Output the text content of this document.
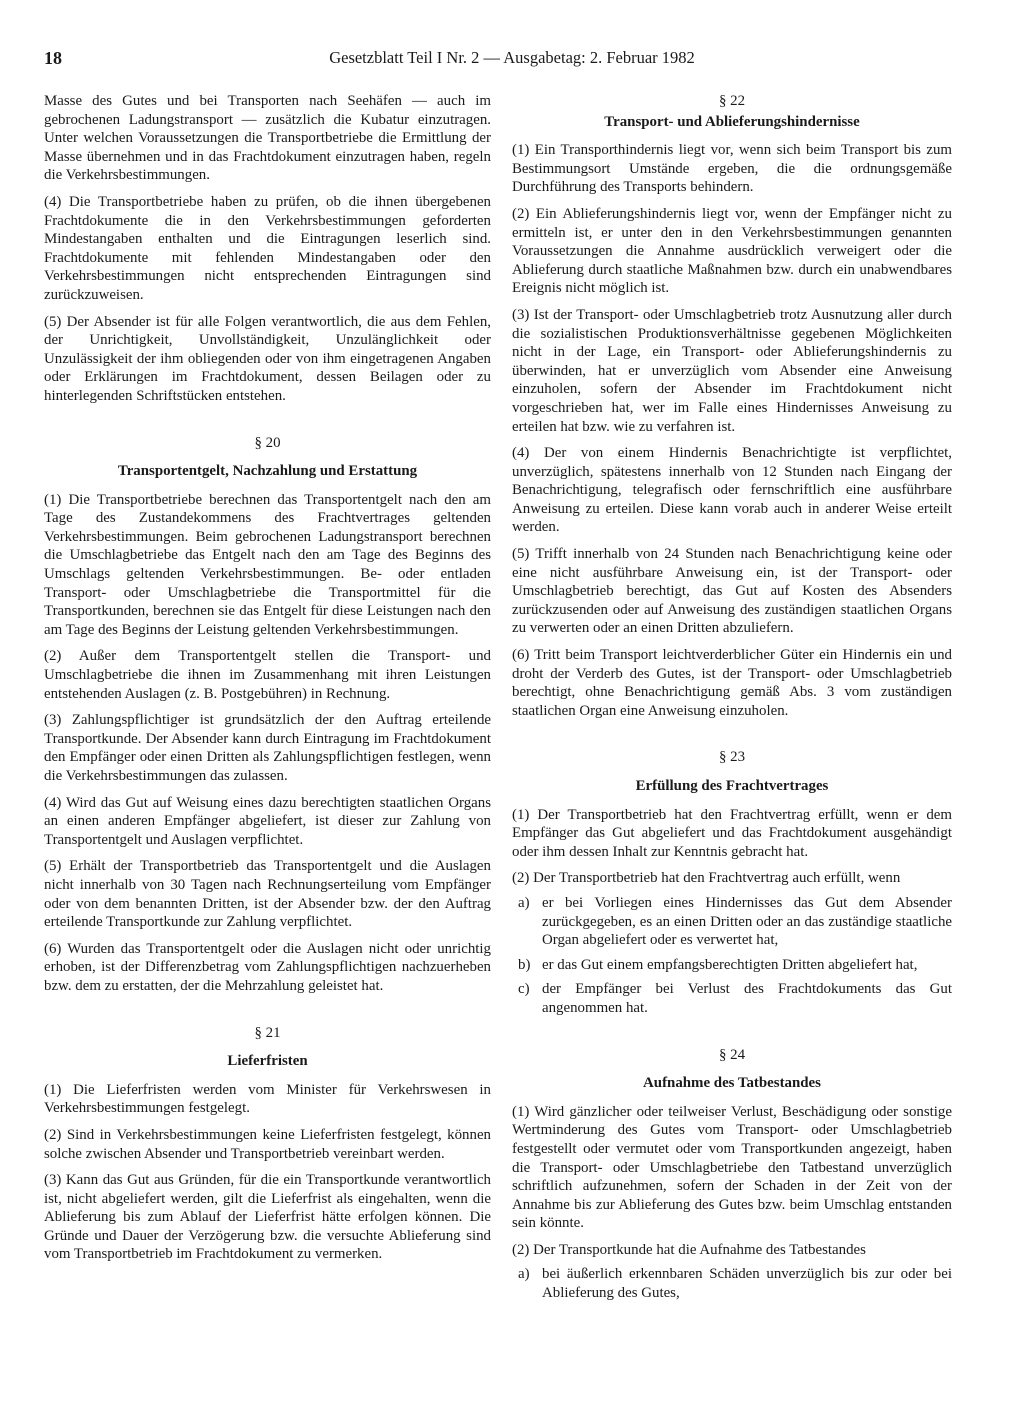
18	Gesetzblatt Teil I Nr. 2 — Ausgabetag: 2. Februar 1982

Masse des Gutes und bei Transporten nach Seehäfen — auch im gebrochenen Ladungstransport — zusätzlich die Kubatur einzutragen. Unter welchen Voraussetzungen die Transportbetriebe die Ermittlung der Masse übernehmen und in das Frachtdokument einzutragen haben, regeln die Verkehrsbestimmungen.

(4) Die Transportbetriebe haben zu prüfen, ob die ihnen übergebenen Frachtdokumente die in den Verkehrsbestimmungen geforderten Mindestangaben enthalten und die Eintragungen leserlich sind. Frachtdokumente mit fehlenden Mindestangaben oder den Verkehrsbestimmungen nicht entsprechenden Eintragungen sind zurückzuweisen.

(5) Der Absender ist für alle Folgen verantwortlich, die aus dem Fehlen, der Unrichtigkeit, Unvollständigkeit, Unzulänglichkeit oder Unzulässigkeit der ihm obliegenden oder von ihm eingetragenen Angaben oder Erklärungen im Frachtdokument, dessen Beilagen oder zu hinterlegenden Schriftstücken entstehen.

§ 20
Transportentgelt, Nachzahlung und Erstattung

(1) Die Transportbetriebe berechnen das Transportentgelt nach den am Tage des Zustandekommens des Frachtvertrages geltenden Verkehrsbestimmungen. Beim gebrochenen Ladungstransport berechnen die Umschlagbetriebe das Entgelt nach den am Tage des Beginns des Umschlags geltenden Verkehrsbestimmungen. Be- oder entladen Transport- oder Umschlagbetriebe die Transportmittel für die Transportkunden, berechnen sie das Entgelt für diese Leistungen nach den am Tage des Beginns der Leistung geltenden Verkehrsbestimmungen.

(2) Außer dem Transportentgelt stellen die Transport- und Umschlagbetriebe die ihnen im Zusammenhang mit ihren Leistungen entstehenden Auslagen (z. B. Postgebühren) in Rechnung.

(3) Zahlungspflichtiger ist grundsätzlich der den Auftrag erteilende Transportkunde. Der Absender kann durch Eintragung im Frachtdokument den Empfänger oder einen Dritten als Zahlungspflichtigen festlegen, wenn die Verkehrsbestimmungen das zulassen.

(4) Wird das Gut auf Weisung eines dazu berechtigten staatlichen Organs an einen anderen Empfänger abgeliefert, ist dieser zur Zahlung von Transportentgelt und Auslagen verpflichtet.

(5) Erhält der Transportbetrieb das Transportentgelt und die Auslagen nicht innerhalb von 30 Tagen nach Rechnungserteilung vom Empfänger oder von dem benannten Dritten, ist der Absender bzw. der den Auftrag erteilende Transportkunde zur Zahlung verpflichtet.

(6) Wurden das Transportentgelt oder die Auslagen nicht oder unrichtig erhoben, ist der Differenzbetrag vom Zahlungspflichtigen nachzuerheben bzw. dem zu erstatten, der die Mehrzahlung geleistet hat.

§ 21
Lieferfristen

(1) Die Lieferfristen werden vom Minister für Verkehrswesen in Verkehrsbestimmungen festgelegt.

(2) Sind in Verkehrsbestimmungen keine Lieferfristen festgelegt, können solche zwischen Absender und Transportbetrieb vereinbart werden.

(3) Kann das Gut aus Gründen, für die ein Transportkunde verantwortlich ist, nicht abgeliefert werden, gilt die Lieferfrist als eingehalten, wenn die Ablieferung bis zum Ablauf der Lieferfrist hätte erfolgen können. Die Gründe und Dauer der Verzögerung bzw. die versuchte Ablieferung sind vom Transportbetrieb im Frachtdokument zu vermerken.

§ 22
Transport- und Ablieferungshindernisse

(1) Ein Transporthindernis liegt vor, wenn sich beim Transport bis zum Bestimmungsort Umstände ergeben, die die ordnungsgemäße Durchführung des Transports behindern.

(2) Ein Ablieferungshindernis liegt vor, wenn der Empfänger nicht zu ermitteln ist, er unter den in den Verkehrsbestimmungen genannten Voraussetzungen die Annahme ausdrücklich verweigert oder die Ablieferung durch staatliche Maßnahmen bzw. durch ein unabwendbares Ereignis nicht möglich ist.

(3) Ist der Transport- oder Umschlagbetrieb trotz Ausnutzung aller durch die sozialistischen Produktionsverhältnisse gegebenen Möglichkeiten nicht in der Lage, ein Transport- oder Ablieferungshindernis zu überwinden, hat er unverzüglich vom Absender eine Anweisung einzuholen, sofern der Absender im Frachtdokument nicht vorgeschrieben hat, wer im Falle eines Hindernisses Anweisung zu erteilen hat bzw. wie zu verfahren ist.

(4) Der von einem Hindernis Benachrichtigte ist verpflichtet, unverzüglich, spätestens innerhalb von 12 Stunden nach Eingang der Benachrichtigung, telegrafisch oder fernschriftlich eine ausführbare Anweisung zu erteilen. Diese kann vorab auch in anderer Weise erteilt werden.

(5) Trifft innerhalb von 24 Stunden nach Benachrichtigung keine oder eine nicht ausführbare Anweisung ein, ist der Transport- oder Umschlagbetrieb berechtigt, das Gut auf Kosten des Absenders zurückzusenden oder auf Anweisung des zuständigen staatlichen Organs zu verwerten oder an einen Dritten abzuliefern.

(6) Tritt beim Transport leichtverderblicher Güter ein Hindernis ein und droht der Verderb des Gutes, ist der Transport- oder Umschlagbetrieb berechtigt, ohne Benachrichtigung gemäß Abs. 3 vom zuständigen staatlichen Organ eine Anweisung einzuholen.

§ 23
Erfüllung des Frachtvertrages

(1) Der Transportbetrieb hat den Frachtvertrag erfüllt, wenn er dem Empfänger das Gut abgeliefert und das Frachtdokument ausgehändigt oder ihm dessen Inhalt zur Kenntnis gebracht hat.

(2) Der Transportbetrieb hat den Frachtvertrag auch erfüllt, wenn

a) er bei Vorliegen eines Hindernisses das Gut dem Absender zurückgegeben, es an einen Dritten oder an das zuständige staatliche Organ abgeliefert oder es verwertet hat,
b) er das Gut einem empfangsberechtigten Dritten abgeliefert hat,
c) der Empfänger bei Verlust des Frachtdokuments das Gut angenommen hat.
§ 24
Aufnahme des Tatbestandes

(1) Wird gänzlicher oder teilweiser Verlust, Beschädigung oder sonstige Wertminderung des Gutes vom Transport- oder Umschlagbetrieb festgestellt oder vermutet oder vom Transportkunden angezeigt, haben die Transport- oder Umschlagbetriebe den Tatbestand unverzüglich schriftlich aufzunehmen, sofern der Schaden in der Zeit von der Annahme bis zur Ablieferung des Gutes bzw. beim Umschlag entstanden sein könnte.

(2) Der Transportkunde hat die Aufnahme des Tatbestandes

a) bei äußerlich erkennbaren Schäden unverzüglich bis zur oder bei Ablieferung des Gutes,
